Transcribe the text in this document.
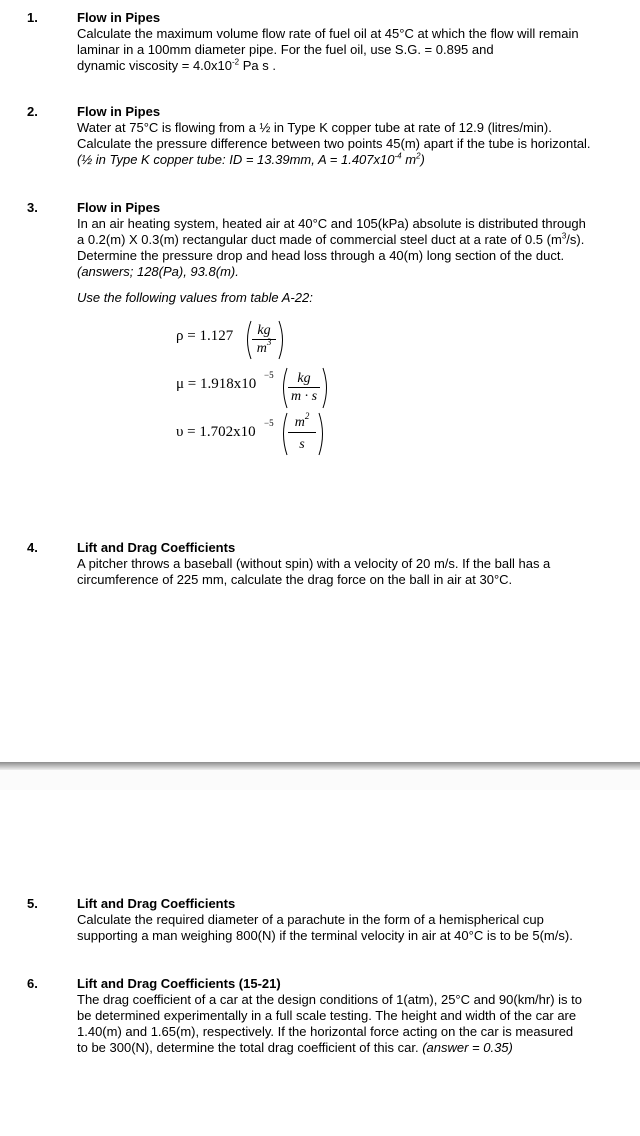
1.	Flow in Pipes
Calculate the maximum volume flow rate of fuel oil at 45°C at which the flow will remain
laminar in a 100mm diameter pipe. For the fuel oil, use S.G. = 0.895 and
dynamic viscosity = $4.0x10^{-2}$ Pa s .
2.	Flow in Pipes
Water at 75°C is flowing from a ½ in Type K copper tube at rate of 12.9 (litres/min).
Calculate the pressure difference between two points 45(m) apart if the tube is horizontal.
(½ in Type K copper tube: ID = 13.39mm, $A = 1.407x10^{-4}$ $m^2$)
3.	Flow in Pipes
In an air heating system, heated air at 40°C and 105(kPa) absolute is distributed through
a 0.2(m) X 0.3(m) rectangular duct made of commercial steel duct at a rate of 0.5 $(m^3/s)$.
Determine the pressure drop and head loss through a 40(m) long section of the duct.
(answers; 128(Pa), 93.8(m).
Use the following values from table A-22:
ρ = 1.127	kg
$m^3$
μ = 1.918x10
−5	kg
m · s
υ = 1.702x10
−5	$m^2$
s
4.	Lift and Drag Coefficients
A pitcher throws a baseball (without spin) with a velocity of 20 m/s. If the ball has a
circumference of 225 mm, calculate the drag force on the ball in air at 30°C.
5.	Lift and Drag Coefficients
Calculate the required diameter of a parachute in the form of a hemispherical cup
supporting a man weighing 800(N) if the terminal velocity in air at 40°C is to be 5(m/s).
6.	Lift and Drag Coefficients (15-21)
The drag coefficient of a car at the design conditions of 1(atm), 25°C and 90(km/hr) is to
be determined experimentally in a full scale testing. The height and width of the car are
1.40(m) and 1.65(m), respectively. If the horizontal force acting on the car is measured
to be 300(N), determine the total drag coefficient of this car. (answer = 0.35)
